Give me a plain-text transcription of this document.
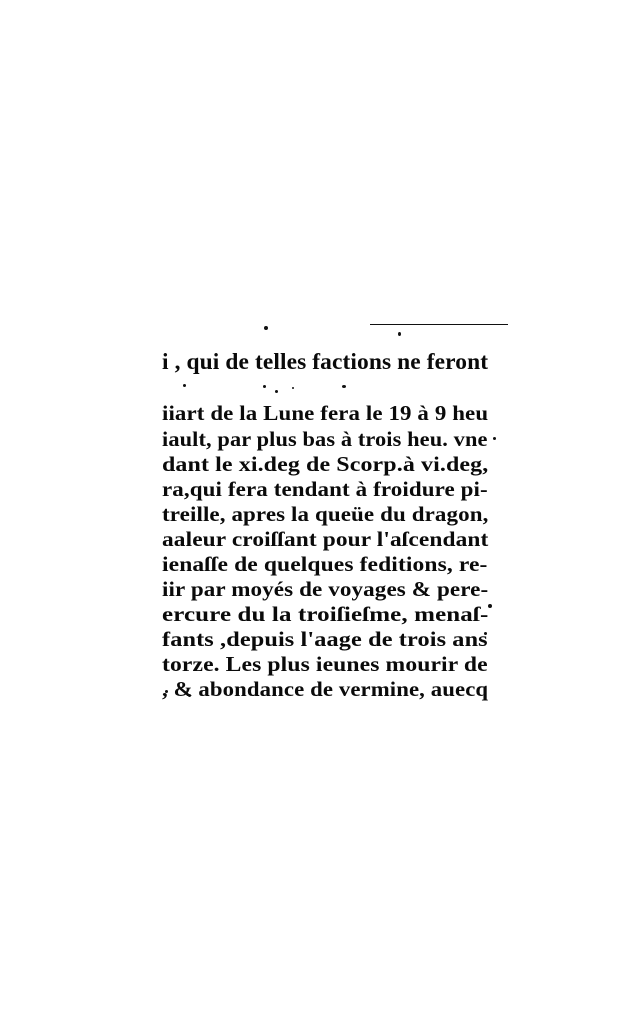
i , qui de telles factions ne feront
iiart de la Lune fera le 19 à 9 heu
iault, par plus bas à trois heu. vne
dant le xi.deg de Scorp.à vi.deg,
ra,qui fera tendant à froidure pi-
treille, apres la queüe du dragon,
aaleur croiſſant pour l'aſcendant
ienaſſe de quelques feditions, re-
iir par moyés de voyages & pere-
ercure du la troiſieſme, menaſ-
fants ,depuis l'aage de trois ans
torze. Les plus ieunes mourir de
, & abondance de vermine, auecq
